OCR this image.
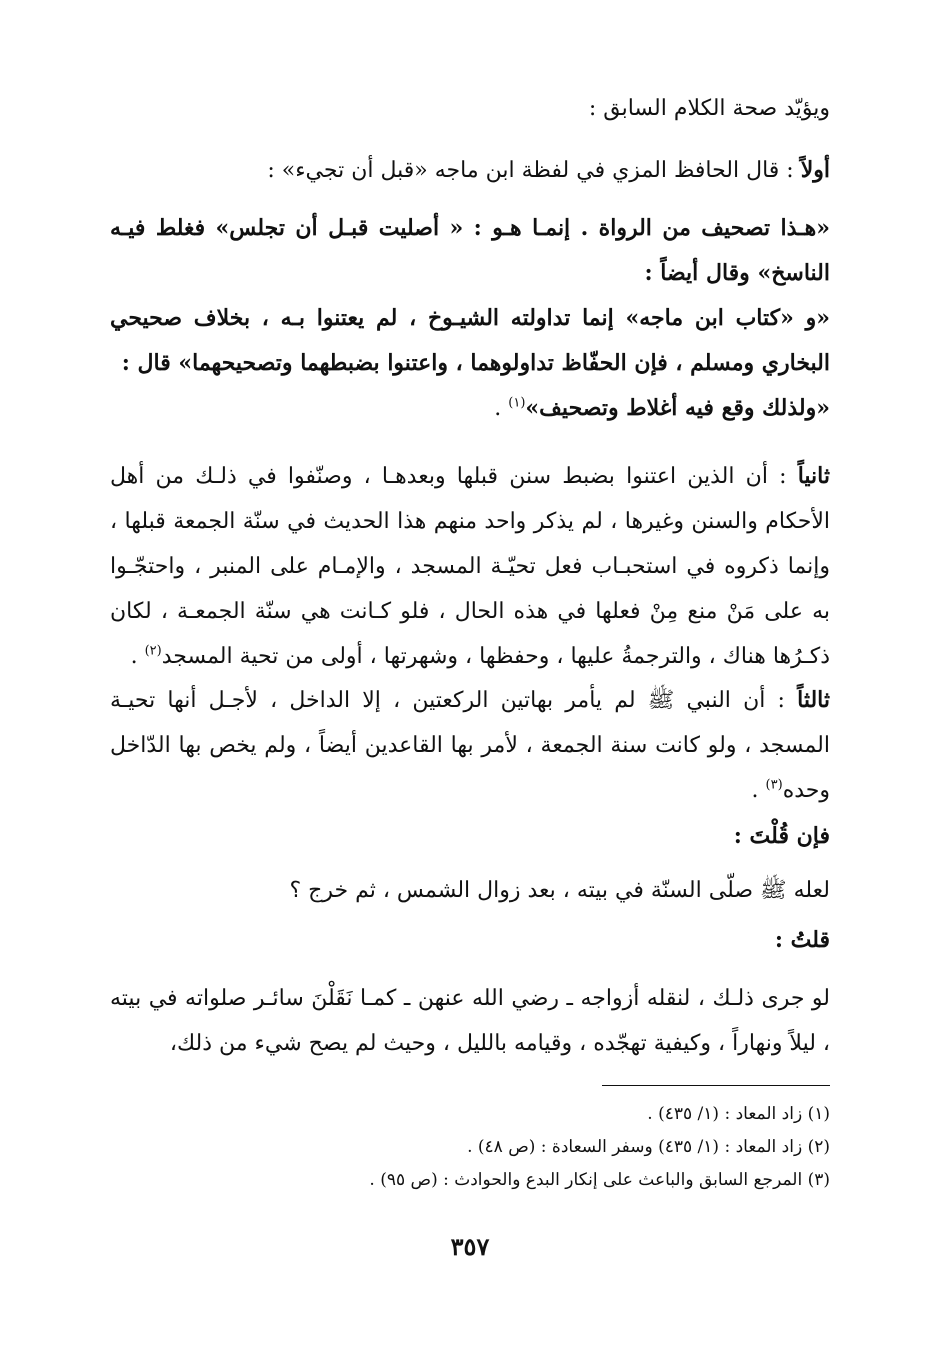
ويؤيّد صحة الكلام السابق :

أولاً : قال الحافظ المزي في لفظة ابن ماجه «قبل أن تجيء» :

«هـذا تصحيف من الرواة . إنمـا هـو : « أصليت قبـل أن تجلس» فغلط فيـه الناسخ» وقال أيضاً :

«و «كتاب ابن ماجه» إنما تداولته الشيـوخ ، لم يعتنوا بـه ، بخلاف صحيحي البخاري ومسلم ، فإن الحفّاظ تداولوهما ، واعتنوا بضبطهما وتصحيحهما» قال :

«ولذلك وقع فيه أغلاط وتصحيف»$^{(١)}$ .

ثانياً : أن الذين اعتنوا بضبط سنن قبلها وبعدهـا ، وصنّفوا في ذلـك من أهل الأحكام والسنن وغيرها ، لم يذكر واحد منهم هذا الحديث في سنّة الجمعة قبلها ، وإنما ذكروه في استحبـاب فعل تحيّـة المسجد ، والإمـام على المنبر ، واحتجّـوا به على مَنْ منع مِنْ فعلها في هذه الحال ، فلو كـانت هي سنّة الجمعـة ، لكان ذكـرُها هناك ، والترجمةُ عليها ، وحفظها ، وشهرتها ، أولى من تحية المسجد$^{(٢)}$ .

ثالثاً : أن النبي ﷺ لم يأمر بهاتين الركعتين ، إلا الداخل ، لأجـل أنها تحيـة المسجد ، ولو كانت سنة الجمعة ، لأمر بها القاعدين أيضاً ، ولم يخص بها الدّاخل وحده$^{(٣)}$ .

فإن قُلْتَ :

لعله ﷺ صلّى السنّة في بيته ، بعد زوال الشمس ، ثم خرج ؟

قلتُ :

لو جرى ذلـك ، لنقله أزواجه ـ رضي الله عنهن ـ كمـا نَقَلْنَ سائـر صلواته في بيته ، ليلاً ونهاراً ، وكيفية تهجّده ، وقيامه بالليل ، وحيث لم يصح شيء من ذلك،

(١) زاد المعاد : (١/ ٤٣٥) .

(٢) زاد المعاد : (١/ ٤٣٥) وسفر السعادة : (ص ٤٨) .

(٣) المرجع السابق والباعث على إنكار البدع والحوادث : (ص ٩٥) .

٣٥٧
